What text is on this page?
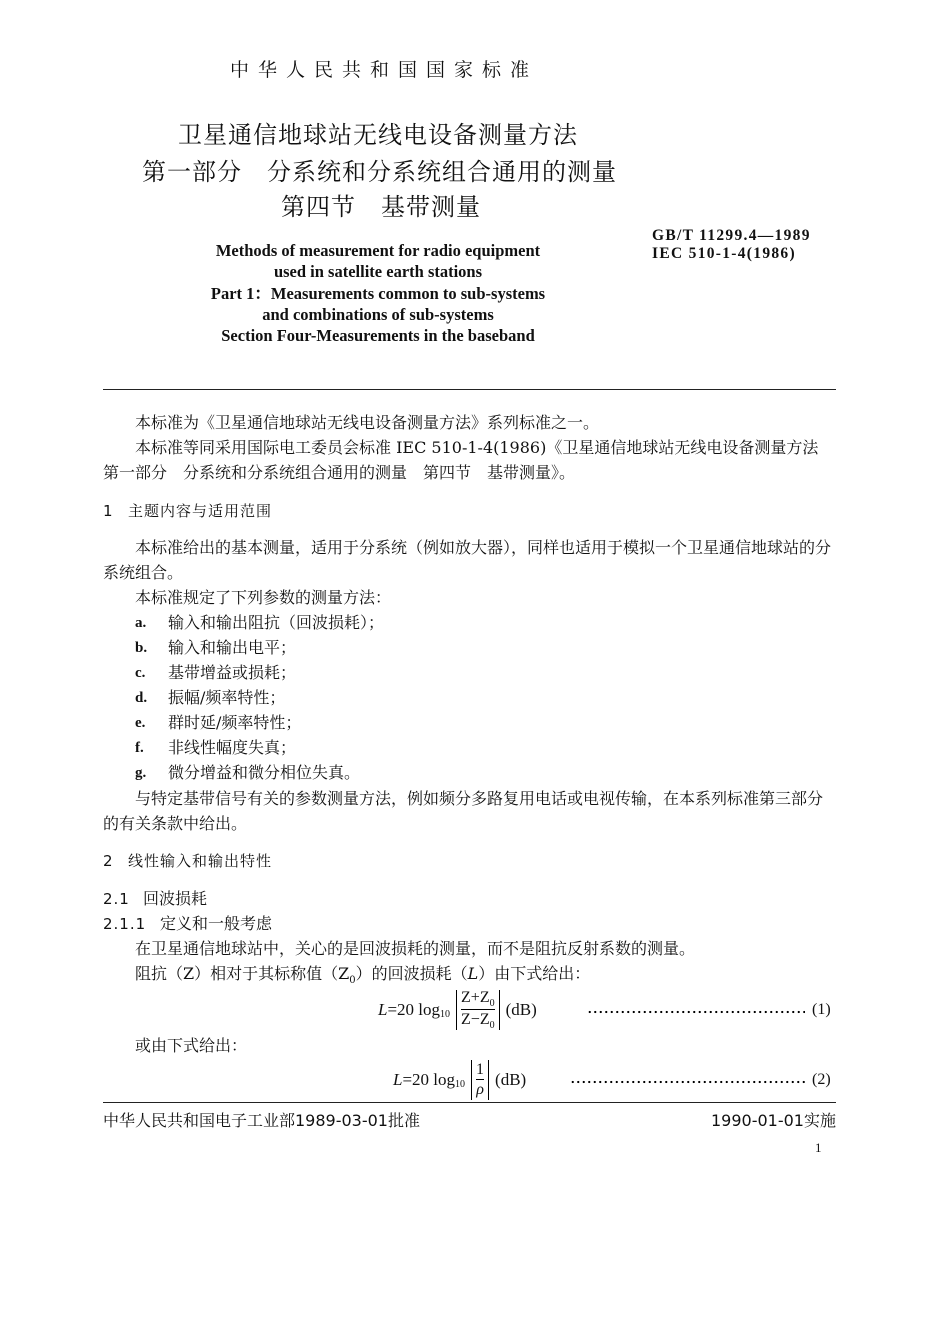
中华人民共和国国家标准
卫星通信地球站无线电设备测量方法
第一部分　分系统和分系统组合通用的测量
第四节　基带测量
GB/T 11299.4—1989
IEC 510-1-4(1986)
Methods of measurement for radio equipment
used in satellite earth stations
Part 1：Measurements common to sub-systems
and combinations of sub-systems
Section Four-Measurements in the baseband
本标准为《卫星通信地球站无线电设备测量方法》系列标准之一。
本标准等同采用国际电工委员会标准 IEC 510-1-4(1986)《卫星通信地球站无线电设备测量方法
第一部分　分系统和分系统组合通用的测量　第四节　基带测量》。
1 主题内容与适用范围
本标准给出的基本测量，适用于分系统（例如放大器），同样也适用于模拟一个卫星通信地球站的分
系统组合。
本标准规定了下列参数的测量方法：
a. 输入和输出阻抗（回波损耗）；
b. 输入和输出电平；
c. 基带增益或损耗；
d. 振幅/频率特性；
e. 群时延/频率特性；
f. 非线性幅度失真；
g. 微分增益和微分相位失真。
与特定基带信号有关的参数测量方法，例如频分多路复用电话或电视传输，在本系列标准第三部分
的有关条款中给出。
2 线性输入和输出特性
2.1 回波损耗
2.1.1 定义和一般考虑
在卫星通信地球站中，关心的是回波损耗的测量，而不是阻抗反射系数的测量。
阻抗（Z）相对于其标称值$(Z_0)$的回波损耗（L）由下式给出：
L =20 $\log 10 \frac{Z+Z_0}{Z-Z_0} (dB)$	(1)
或由下式给出：
L =20 $\log 10 \frac{1}{\rho} (dB)$	(2)
中华人民共和国电子工业部1989-03-01批准	1990-01-01实施
1
